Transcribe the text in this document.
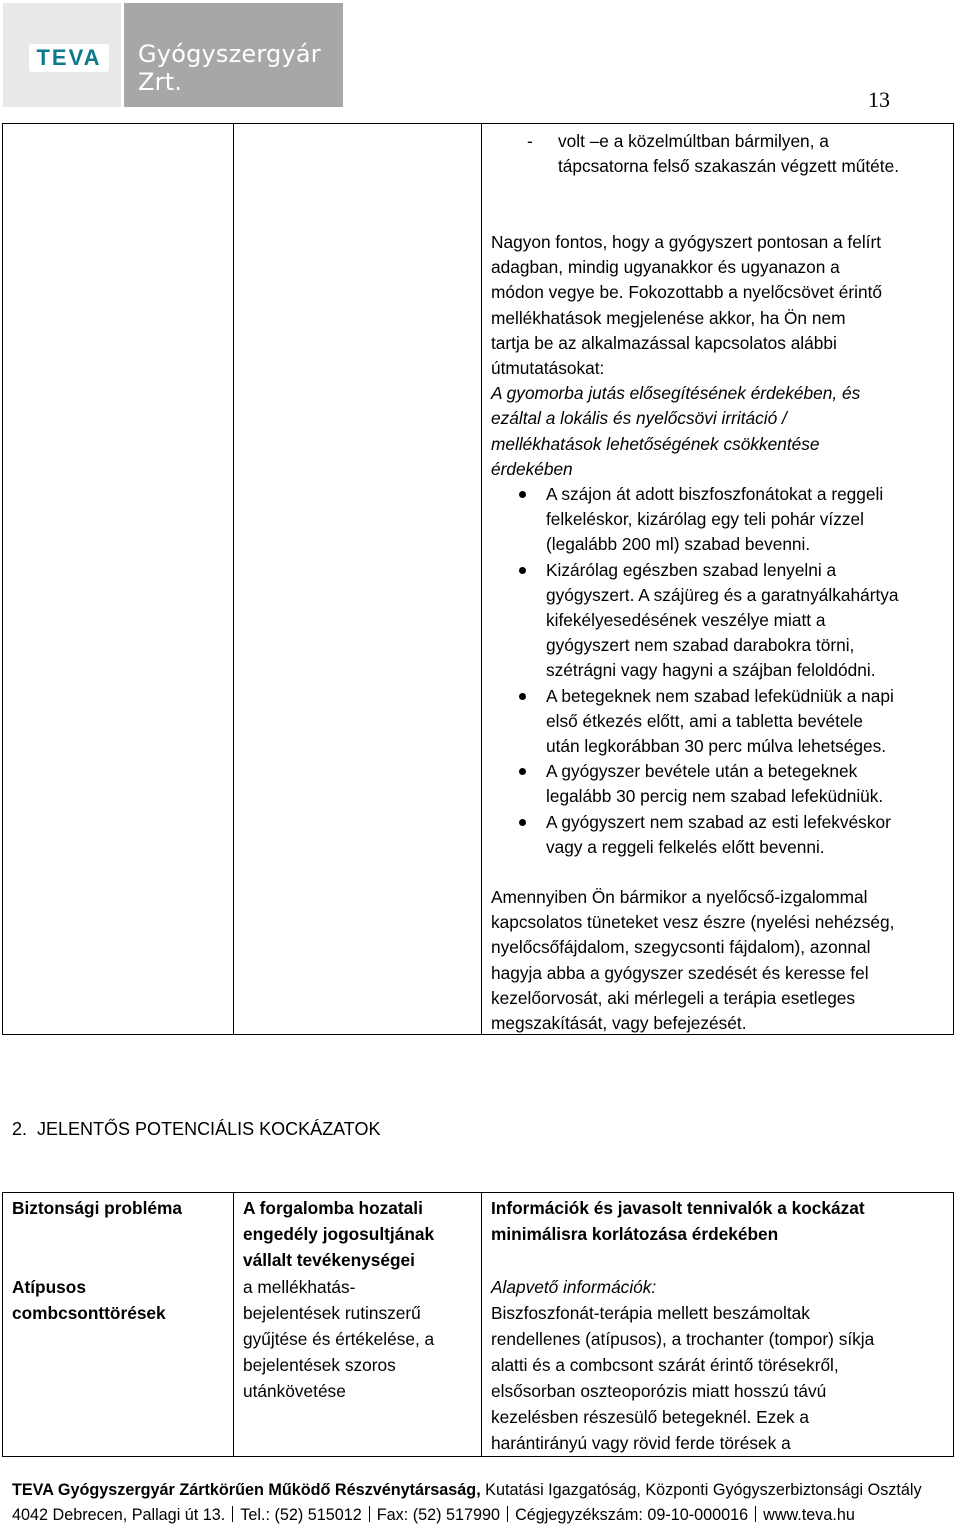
TEVA Gyógyszergyár Zrt.
13
- volt –e a közelmúltban bármilyen, a tápcsatorna felső szakaszán végzett műtéte.

Nagyon fontos, hogy a gyógyszert pontosan a felírt

adagban, mindig ugyanakkor és ugyanazon a

módon vegye be. Fokozottabb a nyelőcsövet érintő

mellékhatások megjelenése akkor, ha Ön nem

tartja be az alkalmazással kapcsolatos alábbi

útmutatásokat:

A gyomorba jutás elősegítésének érdekében, és

ezáltal a lokális és nyelőcsövi irritáció /

mellékhatások lehetőségének csökkentése

érdekében

A szájon át adott biszfoszfonátokat a reggeli

felkeléskor, kizárólag egy teli pohár vízzel

(legalább 200 ml) szabad bevenni.

Kizárólag egészben szabad lenyelni a

gyógyszert. A szájüreg és a garatnyálkahártya

kifekélyesedésének veszélye miatt a

gyógyszert nem szabad darabokra törni,

szétrágni vagy hagyni a szájban feloldódni.

A betegeknek nem szabad lefeküdniük a napi

első étkezés előtt, ami a tabletta bevétele

után legkorábban 30 perc múlva lehetséges.

A gyógyszer bevétele után a betegeknek

legalább 30 percig nem szabad lefeküdniük.

A gyógyszert nem szabad az esti lefekvéskor

vagy a reggeli felkelés előtt bevenni.

Amennyiben Ön bármikor a nyelőcső-izgalommal

kapcsolatos tüneteket vesz észre (nyelési nehézség,

nyelőcsőfájdalom, szegycsonti fájdalom), azonnal

hagyja abba a gyógyszer szedését és keresse fel

kezelőorvosát, aki mérlegeli a terápia esetleges

megszakítását, vagy befejezését.

2. JELENTŐS POTENCIÁLIS KOCKÁZATOK
Biztonsági probléma	A forgalomba hozatali
engedély jogosultjának
vállalt tevékenységei
Információk és javasolt tennivalók a kockázat
minimálisra korlátozása érdekében
Atípusos
combcsonttörések
a mellékhatás-
bejelentések rutinszerű
gyűjtése és értékelése, a
bejelentések szoros
utánkövetése
Alapvető információk:
Biszfoszfonát-terápia mellett beszámoltak
rendellenes (atípusos), a trochanter (tompor) síkja
alatti és a combcsont szárát érintő törésekről,
elsősorban oszteoporózis miatt hosszú távú
kezelésben részesülő betegeknél. Ezek a
harántirányú vagy rövid ferde törések a
TEVA Gyógyszergyár Zártkörűen Működő Részvénytársaság, Kutatási Igazgatóság, Központi Gyógyszerbiztonsági Osztály
4042 Debrecen, Pallagi út 13. Tel.: (52) 515012 Fax: (52) 517990 Cégjegyzékszám: 09-10-000016 www.teva.hu
